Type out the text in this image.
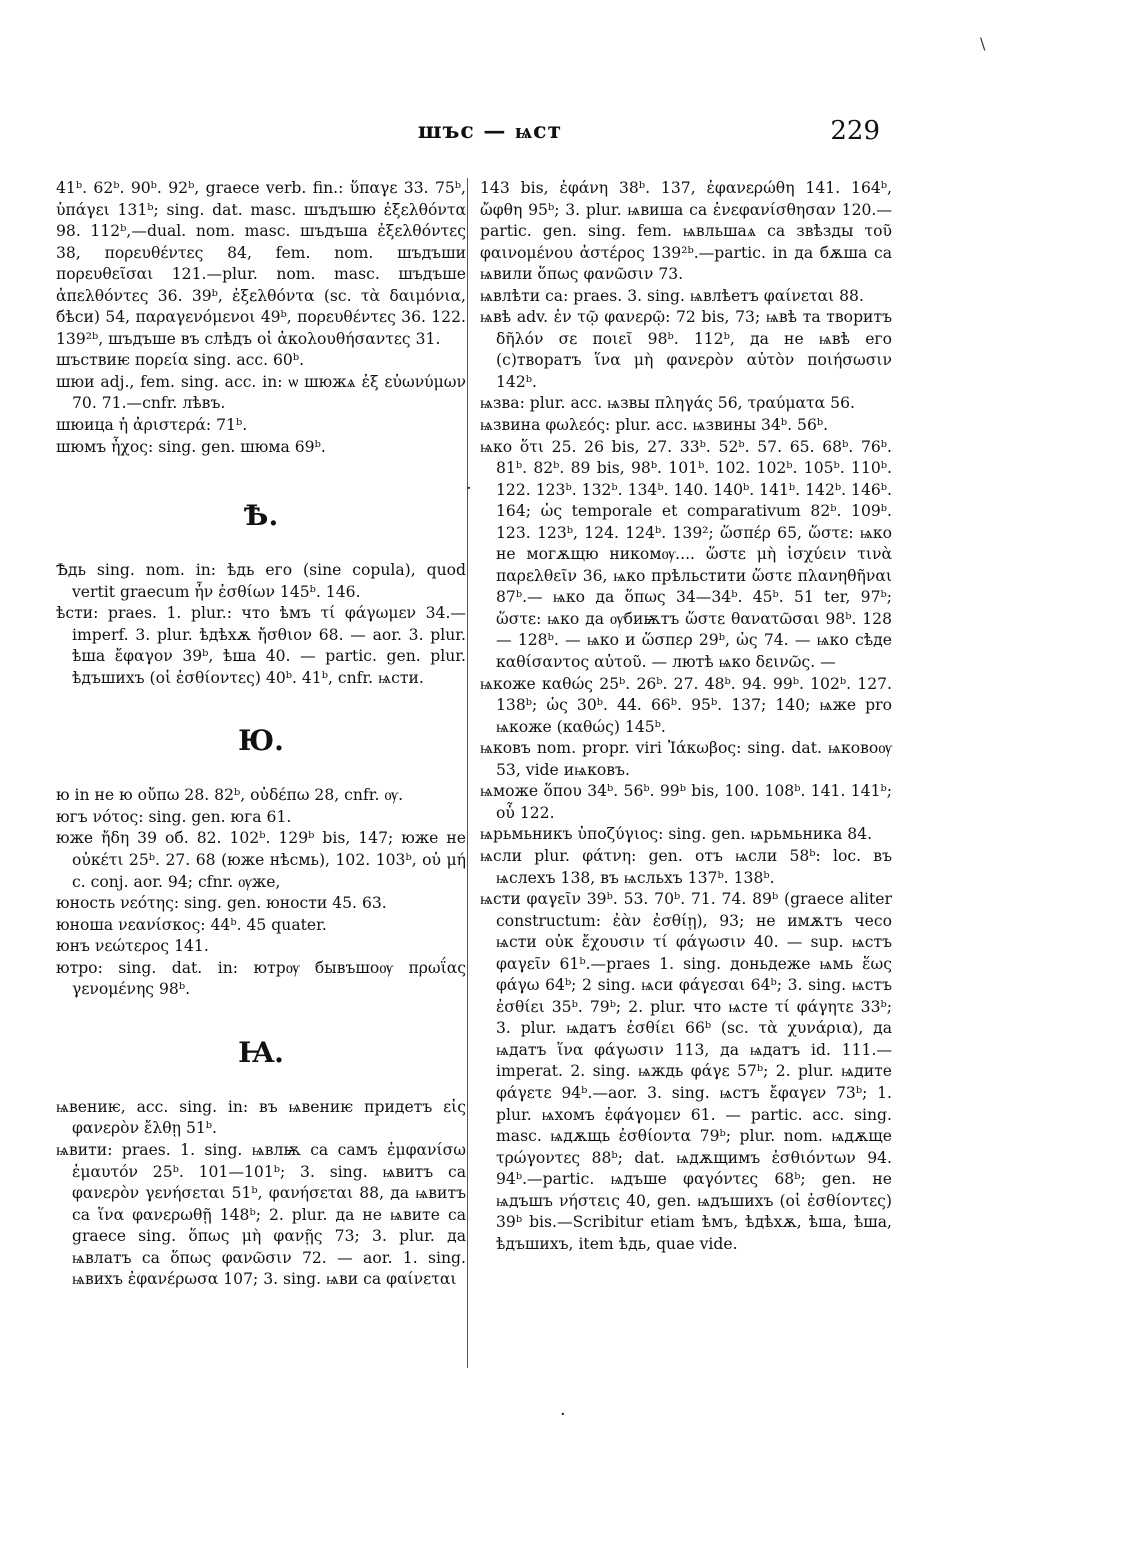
\
шъс — ѩст	229

41ᵇ. 62ᵇ. 90ᵇ. 92ᵇ, graece verb. fin.: ὕπαγε 33. 75ᵇ, ὑπάγει 131ᵇ; sing. dat. masc. шъдъшю ἐξελθόντα 98. 112ᵇ,—dual. nom. masc. шъдъша ἐξελθόντες 38, πορευθέντες 84, fem. nom. шъдъши πορευθεῖσαι 121.—plur. nom. masc. шъдъше ἀπελθόντες 36. 39ᵇ, ἐξελθόντα (sc. τὰ δαιμόνια, бѣси) 54, παραγενόμενοι 49ᵇ, πορευθέντες 36. 122. 139²ᵇ, шъдъше въ слѣдъ οἱ ἀκολουθήσαντες 31.

шъствиѥ πορεία sing. acc. 60ᵇ.

шюи adj., fem. sing. acc. in: ѡ шюжѧ ἐξ εὐωνύμων 70. 71.—cnfr. лѣвъ.

шюица ἡ ἀριστερά: 71ᵇ.

шюмъ ἦχος: sing. gen. шюма 69ᵇ.

Ѣ.

Ѣдь sing. nom. in: ѣдь его (sine copula), quod vertit graecum ἦν ἐσθίων 145ᵇ. 146.

ѣсти: praes. 1. plur.: что ѣмъ τί φάγωμεν 34.—imperf. 3. plur. ѣдѣхѫ ἤσθιον 68. — aor. 3. plur. ѣша ἔφαγον 39ᵇ, ѣша 40. — partic. gen. plur. ѣдъшихъ (οἱ ἐσθίοντες) 40ᵇ. 41ᵇ, cnfr. ѩсти.

Ю.

ю in не ю οὔπω 28. 82ᵇ, οὐδέπω 28, cnfr. ѹ.

югъ νότος: sing. gen. юга 61.

юже ἤδη 39 об. 82. 102ᵇ. 129ᵇ bis, 147; юже не οὐκέτι 25ᵇ. 27. 68 (юже нѣсмь), 102. 103ᵇ, οὐ μή c. conj. aor. 94; cfnr. ѹже,

юность νεότης: sing. gen. юности 45. 63.

юноша νεανίσκος: 44ᵇ. 45 quater.

юнъ νεώτερος 141.

ютро: sing. dat. in: ютрѹ бывъшоѹ πρωΐας γενομένης 98ᵇ.

Ꙗ.

ѩвениѥ, acc. sing. in: въ ѩвениѥ придетъ εἰς φανερὸν ἔλθῃ 51ᵇ.

ѩвити: praes. 1. sing. ѩвлѭ са самъ ἐμφανίσω ἐμαυτόν 25ᵇ. 101—101ᵇ; 3. sing. ѩвитъ са φανερὸν γενήσεται 51ᵇ, φανήσεται 88, да ѩвитъ са ἵνα φανερωθῇ 148ᵇ; 2. plur. да не ѩвите са graece sing. ὅπως μὴ φανῇς 73; 3. plur. да ѩвлатъ са ὅπως φανῶσιν 72. — aor. 1. sing. ѩвихъ ἐφανέρωσα 107; 3. sing. ѩви са φαίνεται

143 bis, ἐφάνη 38ᵇ. 137, ἐφανερώθη 141. 164ᵇ, ὤφθη 95ᵇ; 3. plur. ѩвиша са ἐνεφανίσθησαν 120.—partic. gen. sing. fem. ѩвльшаѧ са звѣзды τοῦ φαινομένου ἀστέρος 139²ᵇ.—partic. in да бѫша са ѩвили ὅπως φανῶσιν 73.

ѩвлѣти са: praes. 3. sing. ѩвлѣетъ φαίνεται 88.

ѩвѣ adv. ἐν τῷ φανερῷ: 72 bis, 73; ѩвѣ та творитъ δῆλόν σε ποιεῖ 98ᵇ. 112ᵇ, да не ѩвѣ его (с)творатъ ἵνα μὴ φανερὸν αὐτὸν ποιήσωσιν 142ᵇ.

ѩзва: plur. acc. ѩзвы πληγάς 56, τραύματα 56.

ѩзвина φωλεός: plur. acc. ѩзвины 34ᵇ. 56ᵇ.

ѩко ὅτι 25. 26 bis, 27. 33ᵇ. 52ᵇ. 57. 65. 68ᵇ. 76ᵇ. 81ᵇ. 82ᵇ. 89 bis, 98ᵇ. 101ᵇ. 102. 102ᵇ. 105ᵇ. 110ᵇ. 122. 123ᵇ. 132ᵇ. 134ᵇ. 140. 140ᵇ. 141ᵇ. 142ᵇ. 146ᵇ. 164; ὡς temporale et comparativum 82ᵇ. 109ᵇ. 123. 123ᵇ, 124. 124ᵇ. 139²; ὥσπέρ 65, ὥστε: ѩко не могѫщю никомѹ.... ὥστε μὴ ἰσχύειν τινὰ παρελθεῖν 36, ѩко прѣльстити ὥστε πλανηθῆναι 87ᵇ.— ѩко да ὅπως 34—34ᵇ. 45ᵇ. 51 ter, 97ᵇ; ὥστε: ѩко да ѹбиѭтъ ὥστε θανατῶσαι 98ᵇ. 128 — 128ᵇ. — ѩко и ὥσπερ 29ᵇ, ὡς 74. — ѩко сѣде καθίσαντος αὐτοῦ. — лютѣ ѩко δεινῶς. —

ѩкоже καθώς 25ᵇ. 26ᵇ. 27. 48ᵇ. 94. 99ᵇ. 102ᵇ. 127. 138ᵇ; ὡς 30ᵇ. 44. 66ᵇ. 95ᵇ. 137; 140; ѩже pro ѩкоже (καθώς) 145ᵇ.

ѩковъ nom. propr. viri Ἰάκωβος: sing. dat. ѩковоѹ 53, vide иѩковъ.

ѩможе ὅπου 34ᵇ. 56ᵇ. 99ᵇ bis, 100. 108ᵇ. 141. 141ᵇ; οὗ 122.

ѩрьмьникъ ὑποζύγιος: sing. gen. ѩрьмьника 84.

ѩсли plur. φάτνη: gen. отъ ѩсли 58ᵇ: loc. въ ѩслехъ 138, въ ѩсльхъ 137ᵇ. 138ᵇ.

ѩсти φαγεῖν 39ᵇ. 53. 70ᵇ. 71. 74. 89ᵇ (graece aliter constructum: ἐὰν ἐσθίῃ), 93; не имѫтъ чесо ѩсти οὐκ ἔχουσιν τί φάγωσιν 40. — sup. ѩстъ φαγεῖν 61ᵇ.—praes 1. sing. доньдеже ѩмь ἕως φάγω 64ᵇ; 2 sing. ѩси φάγεσαι 64ᵇ; 3. sing. ѩстъ ἐσθίει 35ᵇ. 79ᵇ; 2. plur. что ѩсте τί φάγητε 33ᵇ; 3. plur. ѩдатъ ἐσθίει 66ᵇ (sc. τὰ χυνάρια), да ѩдатъ ἵνα φάγωσιν 113, да ѩдатъ id. 111.—imperat. 2. sing. ѩждь φάγε 57ᵇ; 2. plur. ѩдите φάγετε 94ᵇ.—aor. 3. sing. ѩстъ ἔφαγεν 73ᵇ; 1. plur. ѩхомъ ἐφάγομεν 61. — partic. acc. sing. masc. ѩдѫщь ἐσθίοντα 79ᵇ; plur. nom. ѩдѫще τρώγοντες 88ᵇ; dat. ѩдѫщимъ ἐσθιόντων 94. 94ᵇ.—partic. ѩдъше φαγόντες 68ᵇ; gen. не ѩдъшъ νήστεις 40, gen. ѩдъшихъ (οἱ ἐσθίοντες) 39ᵇ bis.—Scribitur etiam ѣмъ, ѣдѣхѫ, ѣша, ѣша, ѣдъшихъ, item ѣдь, quae vide.

·
·
